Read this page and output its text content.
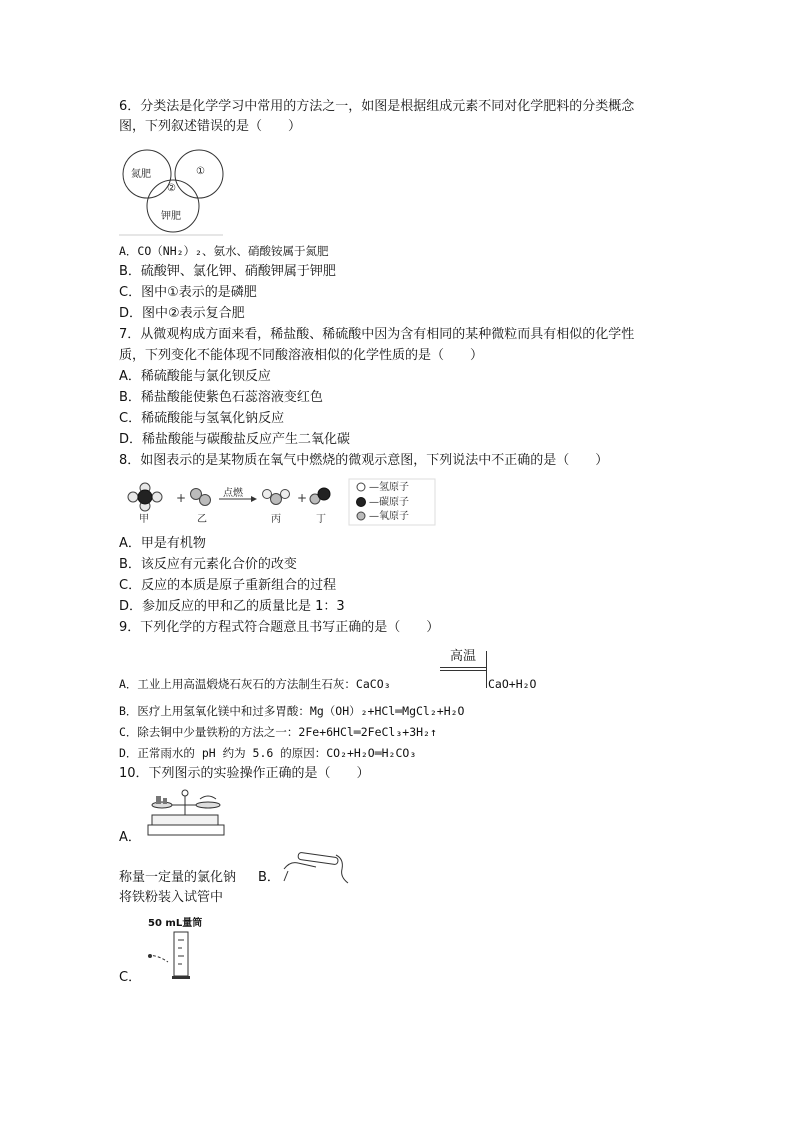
6．分类法是化学学习中常用的方法之一，如图是根据组成元素不同对化学肥料的分类概念
图，下列叙述错误的是（　　）
氮肥	①
②
钾肥
A．CO（NH₂）₂、氨水、硝酸铵属于氮肥
B．硫酸钾、氯化钾、硝酸钾属于钾肥
C．图中①表示的是磷肥
D．图中②表示复合肥
7．从微观构成方面来看，稀盐酸、稀硫酸中因为含有相同的某种微粒而具有相似的化学性
质，下列变化不能体现不同酸溶液相似的化学性质的是（　　）
A．稀硫酸能与氯化钡反应
B．稀盐酸能使紫色石蕊溶液变红色
C．稀硫酸能与氢氧化钠反应
D．稀盐酸能与碳酸盐反应产生二氧化碳
8．如图表示的是某物质在氧气中燃烧的微观示意图，下列说法中不正确的是（　　）
+	点燃	+
甲	乙	丙	丁
—氢原子
—碳原子
—氧原子
A．甲是有机物
B．该反应有元素化合价的改变
C．反应的本质是原子重新组合的过程
D．参加反应的甲和乙的质量比是 1：3
9．下列化学的方程式符合题意且书写正确的是（　　）
高温
A．工业上用高温煅烧石灰石的方法制生石灰：CaCO₃	CaO+H₂O
B．医疗上用氢氧化镁中和过多胃酸：Mg（OH）₂+HCl═MgCl₂+H₂O
C．除去铜中少量铁粉的方法之一：2Fe+6HCl═2FeCl₃+3H₂↑
D．正常雨水的 pH 约为 5.6 的原因：CO₂+H₂O═H₂CO₃
10．下列图示的实验操作正确的是（　　）
A．
称量一定量的氯化钠 B．
将铁粉装入试管中
50 mL量筒
C．
